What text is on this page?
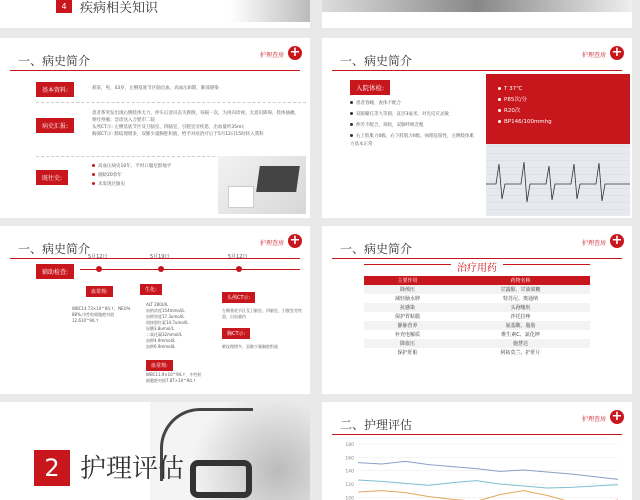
4	疾病相关知识
一、病史简介	护理查房 +
基本资料:	郝某，男，43岁，左侧基底节区脑出血，高血压III期，肺部感染
病史汇报:
患者系突发出现右侧肢体无力，停车后意识丧失跌倒，每隔一次，为再向诊视。无意识障碍，肢体抽搐，呕吐颅瘤；急诊送入合肥市二院
头颅CT示: 左侧基底节区及卫脑室、四脑室，引脱室旁疾患，出血量约35ml;
胸部CT示: 肺纹理增多，双肺少量胸腔积液，给予对症治疗后于5月12日15时转入我科
既往史:
高血压病史10年，平时口服尼群地平
烟龄20余年
未发现过敏史
一、病史简介	护理查房 +
入院体检:
患者昏睡，查体不配合
双眼瞳孔等大等圆，直径3毫米，对光反应灵敏
伸舌不配合，颈软，双肺呼吸音粗
右上肢肌力0级，右下肢肌力II级。病理征阳性，左侧肢体肌力基本正常
T 37℃
P85次/分
R20次
BP146/100mmhg
一、病史简介	护理查房 +
辅助检查:
5月12日	5月19日	5月12日
血常规:
WBC14.73×10^9/L↑，NEU% 88%,中性粒细胞绝对值12.610^9/L↑
生化:
ALT 280U/L
血钠浓度154mmol/L
血钾浓度17.3umol/L
间接胆红素14.7umol/L
尿酸3.8umol/L
二氧化碳32mmol/L
血钾4.9mmol/L
血钾6.9mmol/L
血常规:
WBC11.9×10^9/L↑，中性粒细胞绝对值7.8T×10^9/L↑
头颅CT示:
左侧基底节区及卫脑室、四脑室，引脱室旁疾患，出血量约
胸CT示:
肺纹理增多，双肺少量胸腔积液
一、病史简介	护理查房 +
治疗用药
主要作用	药物名称
降颅压	甘露醇、甘油果糖
减轻脑水肿	特苏尼、奥通纳
抗感染	头孢噻肟
保护胃粘膜	泮托拉唑
静脉营养	氨基酸、脂肪
补充电解质	维生素C、氯化钾
降血压	施慧达
保护肝脏	阿拓莫兰、护肝片
2 护理评估
二、护理评估	护理查房 +
180
160
140
120
100
